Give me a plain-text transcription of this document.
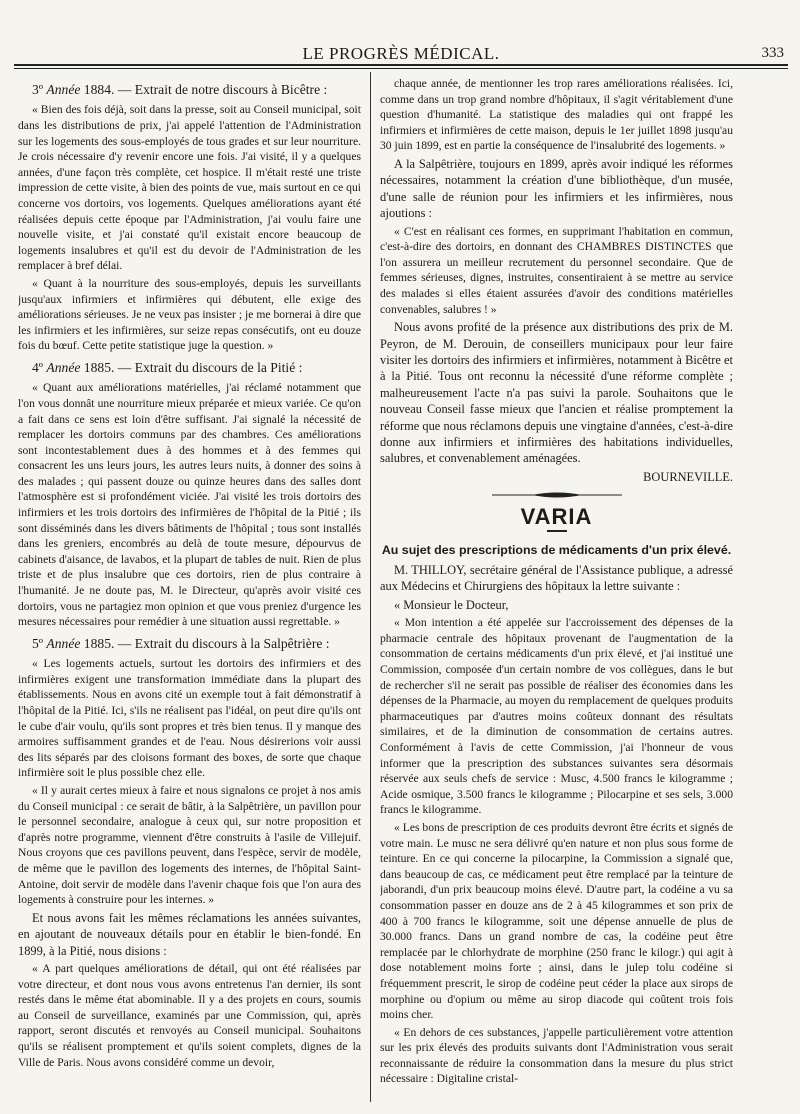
LE PROGRÈS MÉDICAL.	333
3º Année 1884. — Extrait de notre discours à Bicêtre :

« Bien des fois déjà, soit dans la presse, soit au Conseil municipal, soit dans les distributions de prix, j'ai appelé l'attention de l'Administration sur les logements des sous-employés de tous grades et sur leur nourriture. Je crois nécessaire d'y revenir encore une fois. J'ai visité, il y a quelques années, d'une façon très complète, cet hospice. Il m'était resté une triste impression de cette visite, à bien des points de vue, mais surtout en ce qui concerne vos dortoirs, vos logements. Quelques améliorations ayant été réalisées depuis cette époque par l'Administration, j'ai voulu faire une nouvelle visite, et j'ai constaté qu'il existait encore beaucoup de logements insalubres et qu'il est du devoir de l'Administration de les remplacer à bref délai.

« Quant à la nourriture des sous-employés, depuis les surveillants jusqu'aux infirmiers et infirmières qui débutent, elle exige des améliorations sérieuses. Je ne veux pas insister ; je me bornerai à dire que les infirmiers et les infirmières, sur seize repas consécutifs, ont eu douze fois du bœuf. Cette petite statistique juge la question. »

4º Année 1885. — Extrait du discours de la Pitié :

« Quant aux améliorations matérielles, j'ai réclamé notamment que l'on vous donnât une nourriture mieux préparée et mieux variée. Ce qu'on a fait dans ce sens est loin d'être suffisant. J'ai signalé la nécessité de remplacer les dortoirs communs par des chambres. Ces améliorations sont incontestablement dues à des hommes et à des femmes qui consacrent les uns leurs jours, les autres leurs nuits, à donner des soins à des malades ; qui passent douze ou quinze heures dans des salles dont l'atmosphère est si profondément viciée. J'ai visité les trois dortoirs des infirmiers et les trois dortoirs des infirmières de l'hôpital de la Pitié ; ils sont disséminés dans les divers bâtiments de l'hôpital ; tous sont installés dans les greniers, encombrés au delà de toute mesure, dépourvus de cabinets d'aisance, de lavabos, et la plupart de tables de nuit. Rien de plus triste et de plus insalubre que ces dortoirs, rien de plus contraire à l'humanité. Je ne doute pas, M. le Directeur, qu'après avoir visité ces dortoirs, vous ne partagiez mon opinion et que vous preniez d'urgence les mesures nécessaires pour remédier à une situation aussi regrettable. »

5º Année 1885. — Extrait du discours à la Salpêtrière :

« Les logements actuels, surtout les dortoirs des infirmiers et des infirmières exigent une transformation immédiate dans la plupart des établissements. Nous en avons cité un exemple tout à fait démonstratif à l'hôpital de la Pitié. Ici, s'ils ne réalisent pas l'idéal, on peut dire qu'ils ont le cube d'air voulu, qu'ils sont propres et très bien tenus. Il y manque des armoires suffisamment grandes et de l'eau. Nous désirerions voir aussi des lits séparés par des cloisons formant des boxes, de sorte que chaque infirmière soit le plus possible chez elle.

« Il y aurait certes mieux à faire et nous signalons ce projet à nos amis du Conseil municipal : ce serait de bâtir, à la Salpêtrière, un pavillon pour le personnel secondaire, analogue à ceux qui, sur notre proposition et d'après notre programme, viennent d'être construits à l'asile de Villejuif. Nous croyons que ces pavillons peuvent, dans l'espèce, servir de modèle, de même que le pavillon des logements des internes, de l'hôpital Saint-Antoine, doit servir de modèle dans l'avenir chaque fois que l'on aura des logements à construire pour les internes. »

Et nous avons fait les mêmes réclamations les années suivantes, en ajoutant de nouveaux détails pour en établir le bien-fondé. En 1899, à la Pitié, nous disions :

« A part quelques améliorations de détail, qui ont été réalisées par votre directeur, et dont nous vous avons entretenus l'an dernier, ils sont restés dans le même état abominable. Il y a des projets en cours, soumis au Conseil de surveillance, examinés par une Commission, qui, après rapport, seront discutés et renvoyés au Conseil municipal. Souhaitons qu'ils se réalisent promptement et qu'ils soient complets, dignes de la Ville de Paris. Nous avons considéré comme un devoir,

chaque année, de mentionner les trop rares améliorations réalisées. Ici, comme dans un trop grand nombre d'hôpitaux, il s'agit véritablement d'une question d'humanité. La statistique des maladies qui ont frappé les infirmiers et infirmières de cette maison, depuis le 1er juillet 1898 jusqu'au 30 juin 1899, est en partie la conséquence de l'insalubrité des logements. »

A la Salpêtrière, toujours en 1899, après avoir indiqué les réformes nécessaires, notamment la création d'une bibliothèque, d'un musée, d'une salle de réunion pour les infirmiers et les infirmières, nous ajoutions :

« C'est en réalisant ces formes, en supprimant l'habitation en commun, c'est-à-dire des dortoirs, en donnant des CHAMBRES DISTINCTES que l'on assurera un meilleur recrutement du personnel secondaire. Que de femmes sérieuses, dignes, instruites, consentiraient à se mettre au service des malades si elles étaient assurées d'avoir des conditions matérielles convenables, salubres ! »

Nous avons profité de la présence aux distributions des prix de M. Peyron, de M. Derouin, de conseillers municipaux pour leur faire visiter les dortoirs des infirmiers et infirmières, notamment à Bicêtre et à la Pitié. Tous ont reconnu la nécessité d'une réforme complète ; malheureusement l'acte n'a pas suivi la parole. Souhaitons que le nouveau Conseil fasse mieux que l'ancien et réalise promptement la réforme que nous réclamons depuis une vingtaine d'années, c'est-à-dire donne aux infirmiers et infirmières des habitations individuelles, salubres, et convenablement aménagées.

BOURNEVILLE.

VARIA
Au sujet des prescriptions de médicaments d'un prix élevé.

M. THILLOY, secrétaire général de l'Assistance publique, a adressé aux Médecins et Chirurgiens des hôpitaux la lettre suivante :

« Monsieur le Docteur,

« Mon intention a été appelée sur l'accroissement des dépenses de la pharmacie centrale des hôpitaux provenant de l'augmentation de la consommation de certains médicaments d'un prix élevé, et j'ai institué une Commission, composée d'un certain nombre de vos collègues, dans le but de rechercher s'il ne serait pas possible de réaliser des économies dans les dépenses de la Pharmacie, au moyen du remplacement de quelques produits pharmaceutiques par d'autres moins coûteux donnant des résultats similaires, et de la diminution de consommation de certains autres. Conformément à l'avis de cette Commission, j'ai l'honneur de vous informer que la prescription des substances suivantes sera désormais réservée aux seuls chefs de service : Musc, 4.500 francs le kilogramme ; Acide osmique, 3.500 francs le kilogramme ; Pilocarpine et ses sels, 3.000 francs le kilogramme.

« Les bons de prescription de ces produits devront être écrits et signés de votre main. Le musc ne sera délivré qu'en nature et non plus sous forme de teinture. En ce qui concerne la pilocarpine, la Commission a signalé que, dans beaucoup de cas, ce médicament peut être remplacé par la teinture de jaborandi, d'un prix beaucoup moins élevé. D'autre part, la codéine a vu sa consommation passer en douze ans de 2 à 45 kilogrammes et son prix de 400 à 700 francs le kilogramme, soit une dépense annuelle de plus de 30.000 francs. Dans un grand nombre de cas, la codéine peut être remplacée par le chlorhydrate de morphine (250 franc le kilogr.) qui agit à dose notablement moins forte ; ainsi, dans le julep tolu codéine si fréquemment prescrit, le sirop de codéine peut céder la place aux sirops de morphine ou d'opium ou même au sirop diacode qui coûtent trois fois moins cher.

« En dehors de ces substances, j'appelle particulièrement votre attention sur les prix élevés des produits suivants dont l'Administration vous serait reconnaissante de réduire la consommation dans la mesure du plus strict nécessaire : Digitaline cristal-
